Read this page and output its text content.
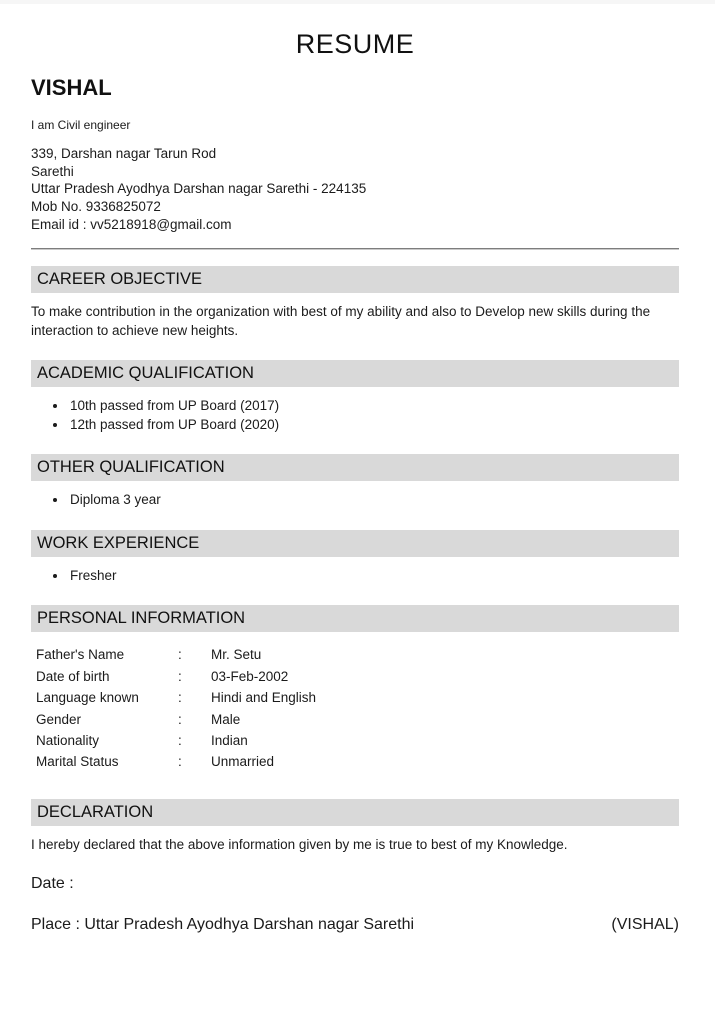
RESUME
VISHAL
I am Civil engineer
339, Darshan nagar Tarun Rod
Sarethi
Uttar Pradesh Ayodhya Darshan nagar Sarethi - 224135
Mob No. 9336825072
Email id : vv5218918@gmail.com
CAREER OBJECTIVE

To make contribution in the organization with best of my ability and also to Develop new skills during the interaction to achieve new heights.

ACADEMIC QUALIFICATION
• 10th passed from UP Board (2017)
• 12th passed from UP Board (2020)
OTHER QUALIFICATION
• Diploma 3 year
WORK EXPERIENCE
• Fresher
PERSONAL INFORMATION
Father's Name	:	Mr. Setu
Date of birth	:	03-Feb-2002
Language known	:	Hindi and English
Gender	:	Male
Nationality	:	Indian
Marital Status	:	Unmarried
DECLARATION

I hereby declared that the above information given by me is true to best of my Knowledge.

Date :
Place : Uttar Pradesh Ayodhya Darshan nagar Sarethi	(VISHAL)
